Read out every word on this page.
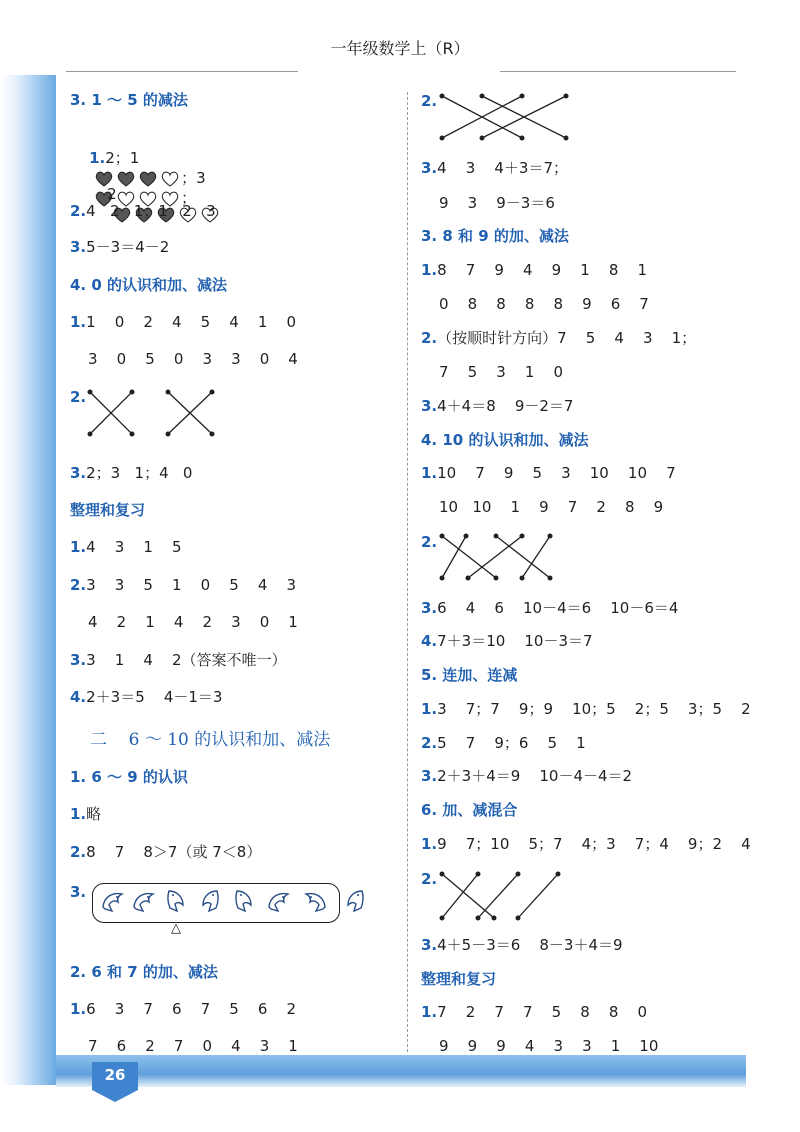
26
一年级数学上（R）
3. 1 ～ 5 的减法

1.2；1
；3
；

2

2.4   2   1；1   2   3
3.5－3＝4－2
4. 0 的认识和加、减法
1.1    0    2    4    5    4    1    0
3    0    5    0    3    3    0    4
2.
3.2；3   1；4   0
整理和复习
1.4    3    1    5
2.3    3    5    1    0    5    4    3
4    2    1    4    2    3    0    1
3.3    1    4    2（答案不唯一）
4.2＋3＝5    4－1＝3
二    6 ～ 10 的认识和加、减法
1. 6 ～ 9 的认识
1.略
2.8    7    8＞7（或 7＜8）
3.
△
2. 6 和 7 的加、减法
1.6    3    7    6    7    5    6    2
7    6    2    7    0    4    3    1
2.
3.4    3    4＋3＝7；
9    3    9－3＝6
3. 8 和 9 的加、减法
1.8    7    9    4    9    1    8    1
0    8    8    8    8    9    6    7
2.（按顺时针方向）7    5    4    3    1；
7    5    3    1    0
3.4＋4＝8    9－2＝7
4. 10 的认识和加、减法
1.10    7    9    5    3    10    10    7
10   10    1    9    7    2    8    9
2.
3.6    4    6    10－4＝6    10－6＝4
4.7＋3＝10    10－3＝7
5. 连加、连减
1.3    7；7    9；9    10；5    2；5    3；5    2
2.5    7    9；6    5    1
3.2＋3＋4＝9    10－4－4＝2
6. 加、减混合
1.9    7；10    5；7    4；3    7；4    9；2    4
2.
3.4＋5－3＝6    8－3＋4＝9
整理和复习
1.7    2    7    7    5    8    8    0
9    9    9    4    3    3    1    10
